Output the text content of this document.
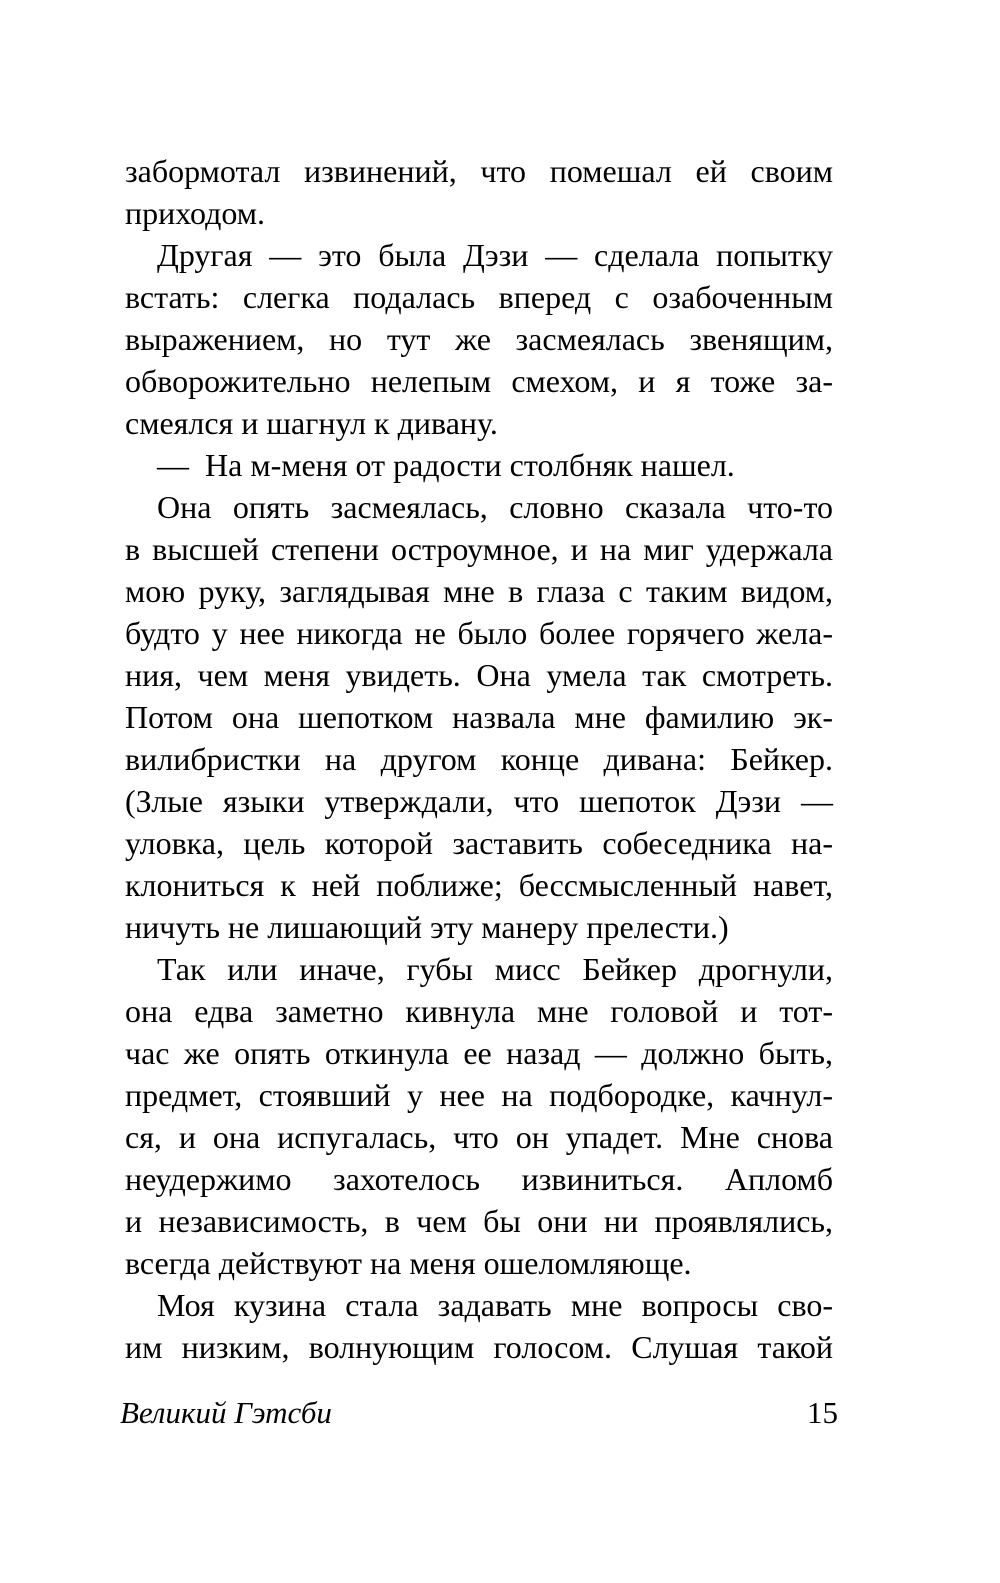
забормотал извинений, что помешал ей своим
приходом.
Другая — это была Дэзи — сделала попытку
встать: слегка подалась вперед с озабоченным
выражением, но тут же засмеялась звенящим,
обворожительно нелепым смехом, и я тоже за-
смеялся и шагнул к дивану.
— На м-меня от радости столбняк нашел.
Она опять засмеялась, словно сказала что-то
в высшей степени остроумное, и на миг удержала
мою руку, заглядывая мне в глаза с таким видом,
будто у нее никогда не было более горячего жела-
ния, чем меня увидеть. Она умела так смотреть.
Потом она шепотком назвала мне фамилию эк-
вилибристки на другом конце дивана: Бейкер.
(Злые языки утверждали, что шепоток Дэзи —
уловка, цель которой заставить собеседника на-
клониться к ней поближе; бессмысленный навет,
ничуть не лишающий эту манеру прелести.)
Так или иначе, губы мисс Бейкер дрогнули,
она едва заметно кивнула мне головой и тот-
час же опять откинула ее назад — должно быть,
предмет, стоявший у нее на подбородке, качнул-
ся, и она испугалась, что он упадет. Мне снова
неудержимо захотелось извиниться. Апломб
и независимость, в чем бы они ни проявлялись,
всегда действуют на меня ошеломляюще.
Моя кузина стала задавать мне вопросы сво-
им низким, волнующим голосом. Слушая такой
Великий Гэтсби	15
